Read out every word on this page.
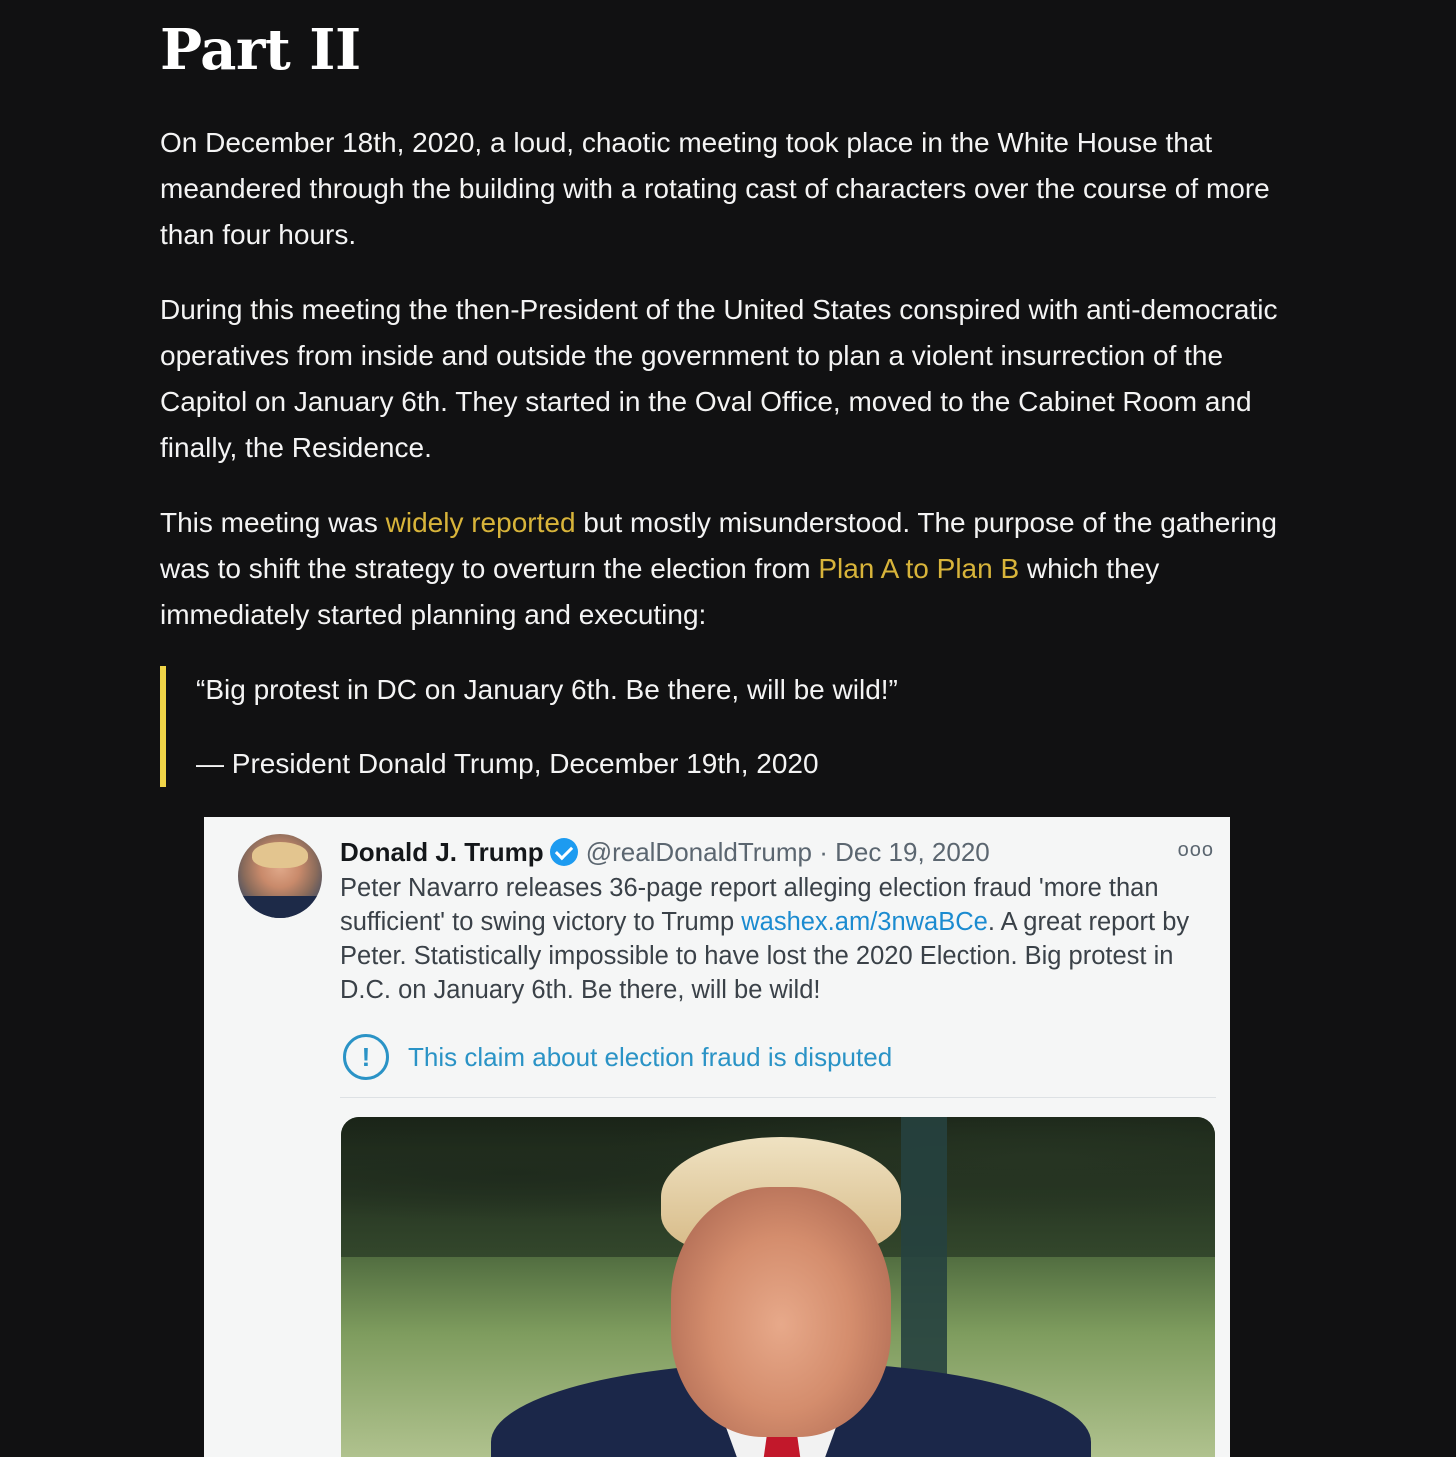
Part II

On December 18th, 2020, a loud, chaotic meeting took place in the White House that meandered through the building with a rotating cast of characters over the course of more than four hours.

During this meeting the then-President of the United States conspired with anti-democratic operatives from inside and outside the government to plan a violent insurrection of the Capitol on January 6th. They started in the Oval Office, moved to the Cabinet Room and finally, the Residence.

This meeting was widely reported but mostly misunderstood. The purpose of the gathering was to shift the strategy to overturn the election from Plan A to Plan B which they immediately started planning and executing:

“Big protest in DC on January 6th. Be there, will be wild!”

— President Donald Trump, December 19th, 2020

Donald J. Trump @realDonaldTrump · Dec 19, 2020	ooo
Peter Navarro releases 36-page report alleging election fraud 'more than sufficient' to swing victory to Trump washex.am/3nwaBCe. A great report by Peter. Statistically impossible to have lost the 2020 Election. Big protest in D.C. on January 6th. Be there, will be wild!
!	This claim about election fraud is disputed
